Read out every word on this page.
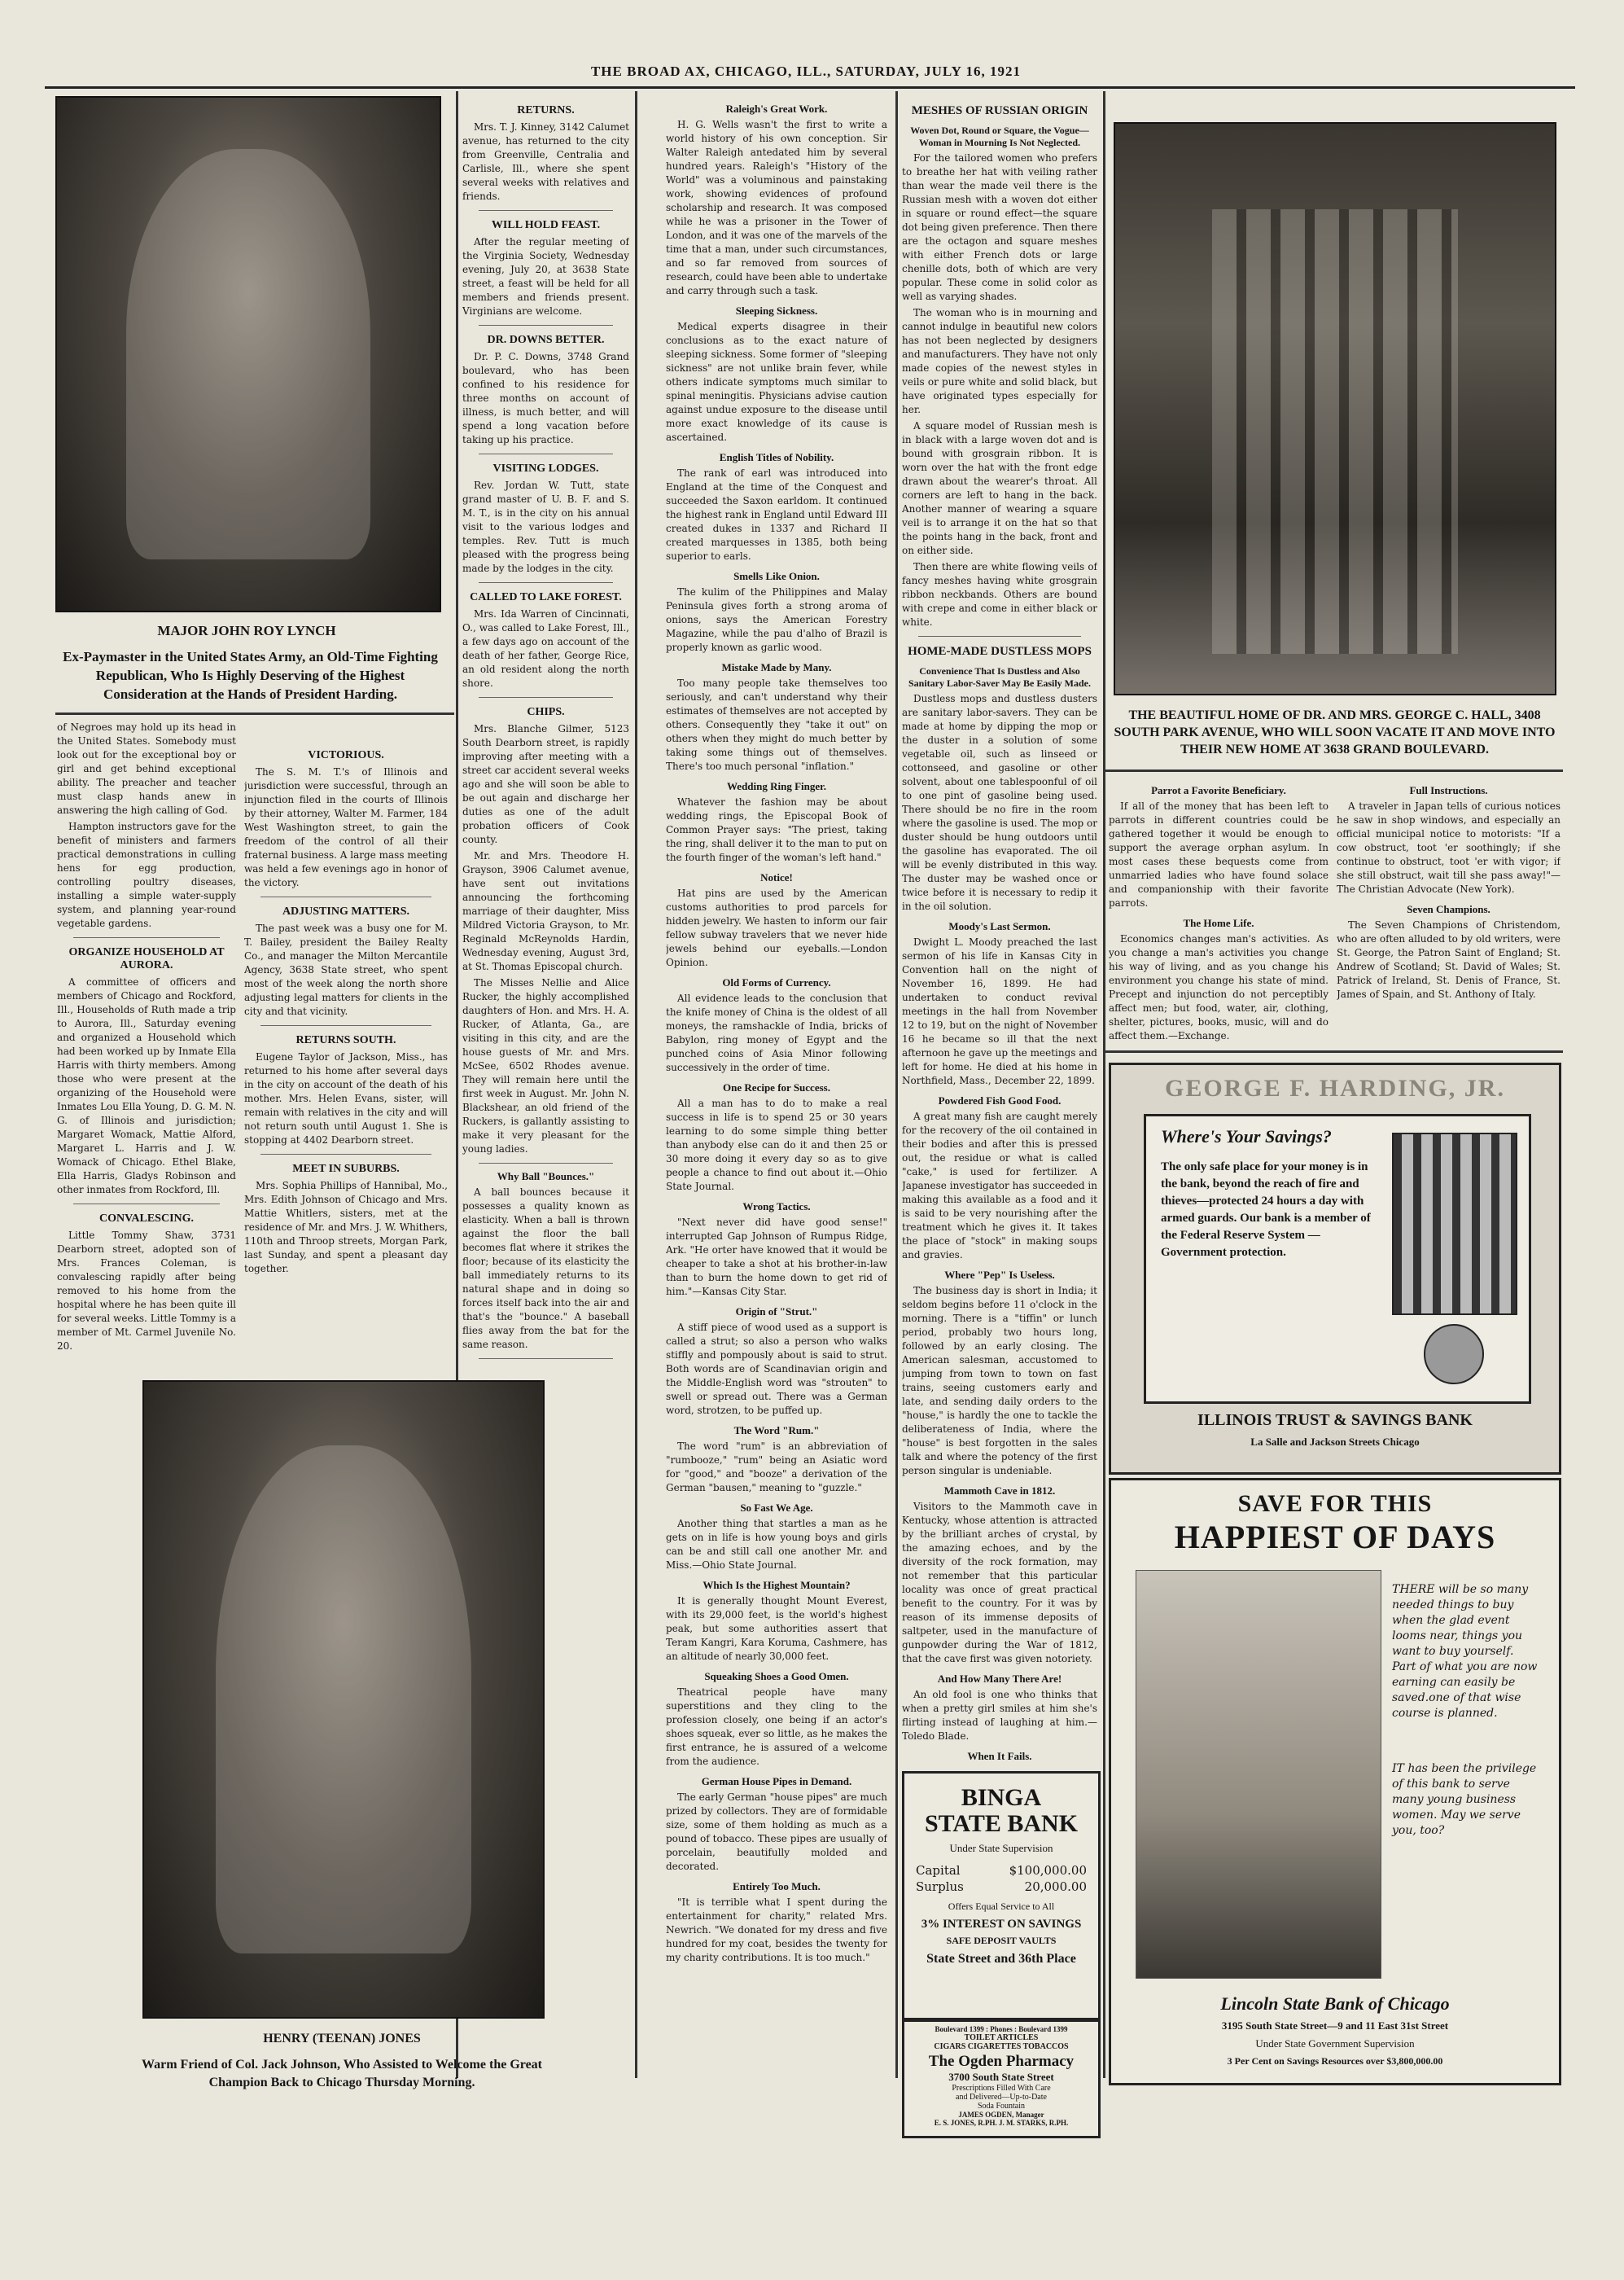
THE BROAD AX, CHICAGO, ILL., SATURDAY, JULY 16, 1921
MAJOR JOHN ROY LYNCH
Ex-Paymaster in the United States Army, an Old-Time Fighting Republican, Who Is Highly Deserving of the Highest Consideration at the Hands of President Harding.

of Negroes may hold up its head in the United States. Somebody must look out for the exceptional boy or girl and get behind exceptional ability. The preacher and teacher must clasp hands anew in answering the high calling of God.

Hampton instructors gave for the benefit of ministers and farmers practical demonstrations in culling hens for egg production, controlling poultry diseases, installing a simple water-supply system, and planning year-round vegetable gardens.

ORGANIZE HOUSEHOLD AT AURORA.

A committee of officers and members of Chicago and Rockford, Ill., Households of Ruth made a trip to Aurora, Ill., Saturday evening and organized a Household which had been worked up by Inmate Ella Harris with thirty members. Among those who were present at the organizing of the Household were Inmates Lou Ella Young, D. G. M. N. G. of Illinois and jurisdiction; Margaret Womack, Mattie Alford, Margaret L. Harris and J. W. Womack of Chicago. Ethel Blake, Ella Harris, Gladys Robinson and other inmates from Rockford, Ill.

CONVALESCING.

Little Tommy Shaw, 3731 Dearborn street, adopted son of Mrs. Frances Coleman, is convalescing rapidly after being removed to his home from the hospital where he has been quite ill for several weeks. Little Tommy is a member of Mt. Carmel Juvenile No. 20.

VICTORIOUS.

The S. M. T.'s of Illinois and jurisdiction were successful, through an injunction filed in the courts of Illinois by their attorney, Walter M. Farmer, 184 West Washington street, to gain the freedom of the control of all their fraternal business. A large mass meeting was held a few evenings ago in honor of the victory.

ADJUSTING MATTERS.

The past week was a busy one for M. T. Bailey, president the Bailey Realty Co., and manager the Milton Mercantile Agency, 3638 State street, who spent most of the week along the north shore adjusting legal matters for clients in the city and that vicinity.

RETURNS SOUTH.

Eugene Taylor of Jackson, Miss., has returned to his home after several days in the city on account of the death of his mother. Mrs. Helen Evans, sister, will remain with relatives in the city and will not return south until August 1. She is stopping at 4402 Dearborn street.

MEET IN SUBURBS.

Mrs. Sophia Phillips of Hannibal, Mo., Mrs. Edith Johnson of Chicago and Mrs. Mattie Whitlers, sisters, met at the residence of Mr. and Mrs. J. W. Whithers, 110th and Throop streets, Morgan Park, last Sunday, and spent a pleasant day together.

HENRY (TEENAN) JONES
Warm Friend of Col. Jack Johnson, Who Assisted to Welcome the Great Champion Back to Chicago Thursday Morning.
RETURNS.

Mrs. T. J. Kinney, 3142 Calumet avenue, has returned to the city from Greenville, Centralia and Carlisle, Ill., where she spent several weeks with relatives and friends.

WILL HOLD FEAST.

After the regular meeting of the Virginia Society, Wednesday evening, July 20, at 3638 State street, a feast will be held for all members and friends present. Virginians are welcome.

DR. DOWNS BETTER.

Dr. P. C. Downs, 3748 Grand boulevard, who has been confined to his residence for three months on account of illness, is much better, and will spend a long vacation before taking up his practice.

VISITING LODGES.

Rev. Jordan W. Tutt, state grand master of U. B. F. and S. M. T., is in the city on his annual visit to the various lodges and temples. Rev. Tutt is much pleased with the progress being made by the lodges in the city.

CALLED TO LAKE FOREST.

Mrs. Ida Warren of Cincinnati, O., was called to Lake Forest, Ill., a few days ago on account of the death of her father, George Rice, an old resident along the north shore.

CHIPS.

Mrs. Blanche Gilmer, 5123 South Dearborn street, is rapidly improving after meeting with a street car accident several weeks ago and she will soon be able to be out again and discharge her duties as one of the adult probation officers of Cook county.

Mr. and Mrs. Theodore H. Grayson, 3906 Calumet avenue, have sent out invitations announcing the forthcoming marriage of their daughter, Miss Mildred Victoria Grayson, to Mr. Reginald McReynolds Hardin, Wednesday evening, August 3rd, at St. Thomas Episcopal church.

The Misses Nellie and Alice Rucker, the highly accomplished daughters of Hon. and Mrs. H. A. Rucker, of Atlanta, Ga., are visiting in this city, and are the house guests of Mr. and Mrs. McSee, 6502 Rhodes avenue. They will remain here until the first week in August. Mr. John N. Blackshear, an old friend of the Ruckers, is gallantly assisting to make it very pleasant for the young ladies.

Why Ball "Bounces."

A ball bounces because it possesses a quality known as elasticity. When a ball is thrown against the floor the ball becomes flat where it strikes the floor; because of its elasticity the ball immediately returns to its natural shape and in doing so forces itself back into the air and that's the "bounce." A baseball flies away from the bat for the same reason.

Raleigh's Great Work.

H. G. Wells wasn't the first to write a world history of his own conception. Sir Walter Raleigh antedated him by several hundred years. Raleigh's "History of the World" was a voluminous and painstaking work, showing evidences of profound scholarship and research. It was composed while he was a prisoner in the Tower of London, and it was one of the marvels of the time that a man, under such circumstances, and so far removed from sources of research, could have been able to undertake and carry through such a task.

Sleeping Sickness.

Medical experts disagree in their conclusions as to the exact nature of sleeping sickness. Some former of "sleeping sickness" are not unlike brain fever, while others indicate symptoms much similar to spinal meningitis. Physicians advise caution against undue exposure to the disease until more exact knowledge of its cause is ascertained.

English Titles of Nobility.

The rank of earl was introduced into England at the time of the Conquest and succeeded the Saxon earldom. It continued the highest rank in England until Edward III created dukes in 1337 and Richard II created marquesses in 1385, both being superior to earls.

Smells Like Onion.

The kulim of the Philippines and Malay Peninsula gives forth a strong aroma of onions, says the American Forestry Magazine, while the pau d'alho of Brazil is properly known as garlic wood.

Mistake Made by Many.

Too many people take themselves too seriously, and can't understand why their estimates of themselves are not accepted by others. Consequently they "take it out" on others when they might do much better by taking some things out of themselves. There's too much personal "inflation."

Wedding Ring Finger.

Whatever the fashion may be about wedding rings, the Episcopal Book of Common Prayer says: "The priest, taking the ring, shall deliver it to the man to put on the fourth finger of the woman's left hand."

Notice!

Hat pins are used by the American customs authorities to prod parcels for hidden jewelry. We hasten to inform our fair fellow subway travelers that we never hide jewels behind our eyeballs.—London Opinion.

Old Forms of Currency.

All evidence leads to the conclusion that the knife money of China is the oldest of all moneys, the ramshackle of India, bricks of Babylon, ring money of Egypt and the punched coins of Asia Minor following successively in the order of time.

One Recipe for Success.

All a man has to do to make a real success in life is to spend 25 or 30 years learning to do some simple thing better than anybody else can do it and then 25 or 30 more doing it every day so as to give people a chance to find out about it.—Ohio State Journal.

Wrong Tactics.

"Next never did have good sense!" interrupted Gap Johnson of Rumpus Ridge, Ark. "He orter have knowed that it would be cheaper to take a shot at his brother-in-law than to burn the home down to get rid of him."—Kansas City Star.

Origin of "Strut."

A stiff piece of wood used as a support is called a strut; so also a person who walks stiffly and pompously about is said to strut. Both words are of Scandinavian origin and the Middle-English word was "strouten" to swell or spread out. There was a German word, strotzen, to be puffed up.

The Word "Rum."

The word "rum" is an abbreviation of "rumbooze," "rum" being an Asiatic word for "good," and "booze" a derivation of the German "bausen," meaning to "guzzle."

So Fast We Age.

Another thing that startles a man as he gets on in life is how young boys and girls can be and still call one another Mr. and Miss.—Ohio State Journal.

Which Is the Highest Mountain?

It is generally thought Mount Everest, with its 29,000 feet, is the world's highest peak, but some authorities assert that Teram Kangri, Kara Koruma, Cashmere, has an altitude of nearly 30,000 feet.

Squeaking Shoes a Good Omen.

Theatrical people have many superstitions and they cling to the profession closely, one being if an actor's shoes squeak, ever so little, as he makes the first entrance, he is assured of a welcome from the audience.

German House Pipes in Demand.

The early German "house pipes" are much prized by collectors. They are of formidable size, some of them holding as much as a pound of tobacco. These pipes are usually of porcelain, beautifully molded and decorated.

Entirely Too Much.

"It is terrible what I spent during the entertainment for charity," related Mrs. Newrich. "We donated for my dress and five hundred for my coat, besides the twenty for my charity contributions. It is too much."

MESHES OF RUSSIAN ORIGIN
Woven Dot, Round or Square, the Vogue—Woman in Mourning Is Not Neglected.

For the tailored women who prefers to breathe her hat with veiling rather than wear the made veil there is the Russian mesh with a woven dot either in square or round effect—the square dot being given preference. Then there are the octagon and square meshes with either French dots or large chenille dots, both of which are very popular. These come in solid color as well as varying shades.

The woman who is in mourning and cannot indulge in beautiful new colors has not been neglected by designers and manufacturers. They have not only made copies of the newest styles in veils or pure white and solid black, but have originated types especially for her.

A square model of Russian mesh is in black with a large woven dot and is bound with grosgrain ribbon. It is worn over the hat with the front edge drawn about the wearer's throat. All corners are left to hang in the back. Another manner of wearing a square veil is to arrange it on the hat so that the points hang in the back, front and on either side.

Then there are white flowing veils of fancy meshes having white grosgrain ribbon neckbands. Others are bound with crepe and come in either black or white.

HOME-MADE DUSTLESS MOPS
Convenience That Is Dustless and Also Sanitary Labor-Saver May Be Easily Made.

Dustless mops and dustless dusters are sanitary labor-savers. They can be made at home by dipping the mop or the duster in a solution of some vegetable oil, such as linseed or cottonseed, and gasoline or other solvent, about one tablespoonful of oil to one pint of gasoline being used. There should be no fire in the room where the gasoline is used. The mop or duster should be hung outdoors until the gasoline has evaporated. The oil will be evenly distributed in this way. The duster may be washed once or twice before it is necessary to redip it in the oil solution.

Moody's Last Sermon.

Dwight L. Moody preached the last sermon of his life in Kansas City in Convention hall on the night of November 16, 1899. He had undertaken to conduct revival meetings in the hall from November 12 to 19, but on the night of November 16 he became so ill that the next afternoon he gave up the meetings and left for home. He died at his home in Northfield, Mass., December 22, 1899.

Powdered Fish Good Food.

A great many fish are caught merely for the recovery of the oil contained in their bodies and after this is pressed out, the residue or what is called "cake," is used for fertilizer. A Japanese investigator has succeeded in making this available as a food and it is said to be very nourishing after the treatment which he gives it. It takes the place of "stock" in making soups and gravies.

Where "Pep" Is Useless.

The business day is short in India; it seldom begins before 11 o'clock in the morning. There is a "tiffin" or lunch period, probably two hours long, followed by an early closing. The American salesman, accustomed to jumping from town to town on fast trains, seeing customers early and late, and sending daily orders to the "house," is hardly the one to tackle the deliberateness of India, where the "house" is best forgotten in the sales talk and where the potency of the first person singular is undeniable.

Mammoth Cave in 1812.

Visitors to the Mammoth cave in Kentucky, whose attention is attracted by the brilliant arches of crystal, by the amazing echoes, and by the diversity of the rock formation, may not remember that this particular locality was once of great practical benefit to the country. For it was by reason of its immense deposits of saltpeter, used in the manufacture of gunpowder during the War of 1812, that the cave first was given notoriety.

And How Many There Are!

An old fool is one who thinks that when a pretty girl smiles at him she's flirting instead of laughing at him.—Toledo Blade.

When It Fails.

BINGA STATE BANK
Under State Supervision
Capital	$100,000.00
Surplus	20,000.00
Offers Equal Service to All
3% INTEREST ON SAVINGS
SAFE DEPOSIT VAULTS
State Street and 36th Place
Boulevard 1399 : Phones : Boulevard 1399
TOILET ARTICLES
CIGARS CIGARETTES TOBACCOS
The Ogden Pharmacy
3700 South State Street
Prescriptions Filled With Care
and Delivered—Up-to-Date
Soda Fountain
JAMES OGDEN, Manager
E. S. JONES, R.PH. J. M. STARKS, R.PH.
THE BEAUTIFUL HOME OF DR. AND MRS. GEORGE C. HALL, 3408 SOUTH PARK AVENUE, WHO WILL SOON VACATE IT AND MOVE INTO THEIR NEW HOME AT 3638 GRAND BOULEVARD.
Parrot a Favorite Beneficiary.

If all of the money that has been left to parrots in different countries could be gathered together it would be enough to support the average orphan asylum. In most cases these bequests come from unmarried ladies who have found solace and companionship with their favorite parrots.

The Home Life.

Economics changes man's activities. As you change a man's activities you change his way of living, and as you change his environment you change his state of mind. Precept and injunction do not perceptibly affect men; but food, water, air, clothing, shelter, pictures, books, music, will and do affect them.—Exchange.

Full Instructions.

A traveler in Japan tells of curious notices he saw in shop windows, and especially an official municipal notice to motorists: "If a cow obstruct, toot 'er soothingly; if she continue to obstruct, toot 'er with vigor; if she still obstruct, wait till she pass away!"—The Christian Advocate (New York).

Seven Champions.

The Seven Champions of Christendom, who are often alluded to by old writers, were St. George, the Patron Saint of England; St. Andrew of Scotland; St. David of Wales; St. Patrick of Ireland, St. Denis of France, St. James of Spain, and St. Anthony of Italy.

GEORGE F. HARDING, JR.
Where's Your Savings?
The only safe place for your money is in the bank, beyond the reach of fire and thieves—protected 24 hours a day with armed guards. Our bank is a member of the Federal Reserve System — Government protection.
ILLINOIS TRUST & SAVINGS BANK
La Salle and Jackson Streets Chicago
SAVE FOR THIS
HAPPIEST OF DAYS
THERE will be so many needed things to buy when the glad event looms near, things you want to buy yourself. Part of what you are now earning can easily be saved.one of that wise course is planned.
IT has been the privilege of this bank to serve many young business women. May we serve you, too?
Lincoln State Bank of Chicago
3195 South State Street—9 and 11 East 31st Street
Under State Government Supervision
3 Per Cent on Savings Resources over $3,800,000.00
